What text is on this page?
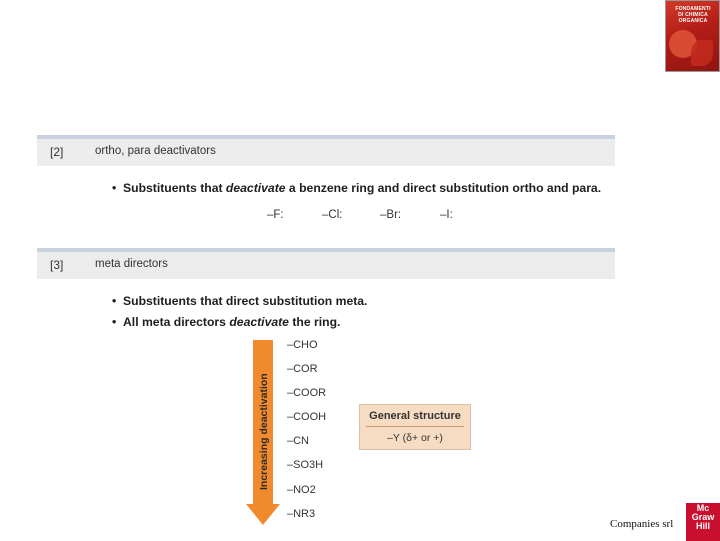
FONDAMENTI
DI CHIMICA
ORGANICA
[2]	ortho, para deactivators
• Substituents that deactivate a benzene ring and direct substitution ortho and para.
–F:	–Cl:	–Br:	–I:
[3]	meta directors
• Substituents that direct substitution meta.
• All meta directors deactivate the ring.
Increasing deactivation
–CHO
–COR
–COOR
–COOH
–CN
–SO3H
–NO2
–NR3
General structure
–Y (δ+ or +)
Companies srl
Mc
Graw
Hill
